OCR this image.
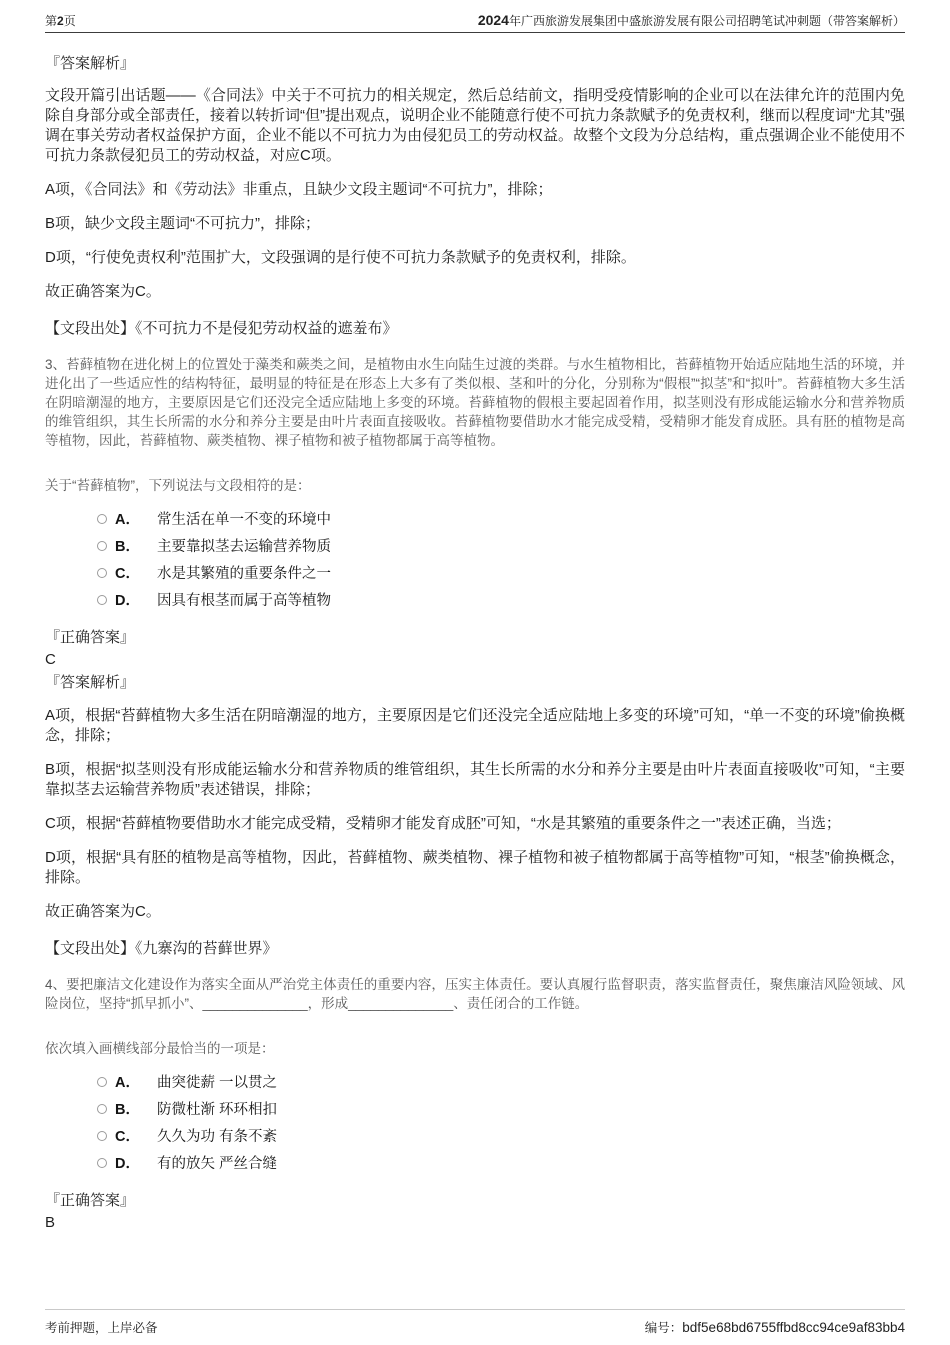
第2页	2024年广西旅游发展集团中盛旅游发展有限公司招聘笔试冲刺题（带答案解析）
『答案解析』
文段开篇引出话题——《合同法》中关于不可抗力的相关规定，然后总结前文，指明受疫情影响的企业可以在法律允许的范围内免除自身部分或全部责任，接着以转折词“但”提出观点，说明企业不能随意行使不可抗力条款赋予的免责权利，继而以程度词“尤其”强调在事关劳动者权益保护方面，企业不能以不可抗力为由侵犯员工的劳动权益。故整个文段为分总结构，重点强调企业不能使用不可抗力条款侵犯员工的劳动权益，对应C项。
A项，《合同法》和《劳动法》非重点，且缺少文段主题词“不可抗力”，排除；
B项，缺少文段主题词“不可抗力”，排除；
D项，“行使免责权利”范围扩大，文段强调的是行使不可抗力条款赋予的免责权利，排除。
故正确答案为C。
【文段出处】《不可抗力不是侵犯劳动权益的遮羞布》
3、苔藓植物在进化树上的位置处于藻类和蕨类之间，是植物由水生向陆生过渡的类群。与水生植物相比，苔藓植物开始适应陆地生活的环境，并进化出了一些适应性的结构特征，最明显的特征是在形态上大多有了类似根、茎和叶的分化，分别称为“假根”“拟茎”和“拟叶”。苔藓植物大多生活在阴暗潮湿的地方，主要原因是它们还没完全适应陆地上多变的环境。苔藓植物的假根主要起固着作用，拟茎则没有形成能运输水分和营养物质的维管组织，其生长所需的水分和养分主要是由叶片表面直接吸收。苔藓植物要借助水才能完成受精，受精卵才能发育成胚。具有胚的植物是高等植物，因此，苔藓植物、蕨类植物、裸子植物和被子植物都属于高等植物。
关于“苔藓植物”，下列说法与文段相符的是：
A． 常生活在单一不变的环境中
B． 主要靠拟茎去运输营养物质
C． 水是其繁殖的重要条件之一
D． 因具有根茎而属于高等植物
『正确答案』
C
『答案解析』
A项，根据“苔藓植物大多生活在阴暗潮湿的地方，主要原因是它们还没完全适应陆地上多变的环境”可知，“单一不变的环境”偷换概念，排除；
B项，根据“拟茎则没有形成能运输水分和营养物质的维管组织，其生长所需的水分和养分主要是由叶片表面直接吸收”可知，“主要靠拟茎去运输营养物质”表述错误，排除；
C项，根据“苔藓植物要借助水才能完成受精，受精卵才能发育成胚”可知，“水是其繁殖的重要条件之一”表述正确，当选；
D项，根据“具有胚的植物是高等植物，因此，苔藓植物、蕨类植物、裸子植物和被子植物都属于高等植物”可知，“根茎”偷换概念，排除。
故正确答案为C。
【文段出处】《九寨沟的苔藓世界》
4、要把廉洁文化建设作为落实全面从严治党主体责任的重要内容，压实主体责任。要认真履行监督职责，落实监督责任，聚焦廉洁风险领域、风险岗位，坚持“抓早抓小”、______________，形成______________、责任闭合的工作链。
依次填入画横线部分最恰当的一项是：
A． 曲突徙薪 一以贯之
B． 防微杜渐 环环相扣
C． 久久为功 有条不紊
D． 有的放矢 严丝合缝
『正确答案』
B
考前押题，上岸必备	编号：bdf5e68bd6755ffbd8cc94ce9af83bb4
